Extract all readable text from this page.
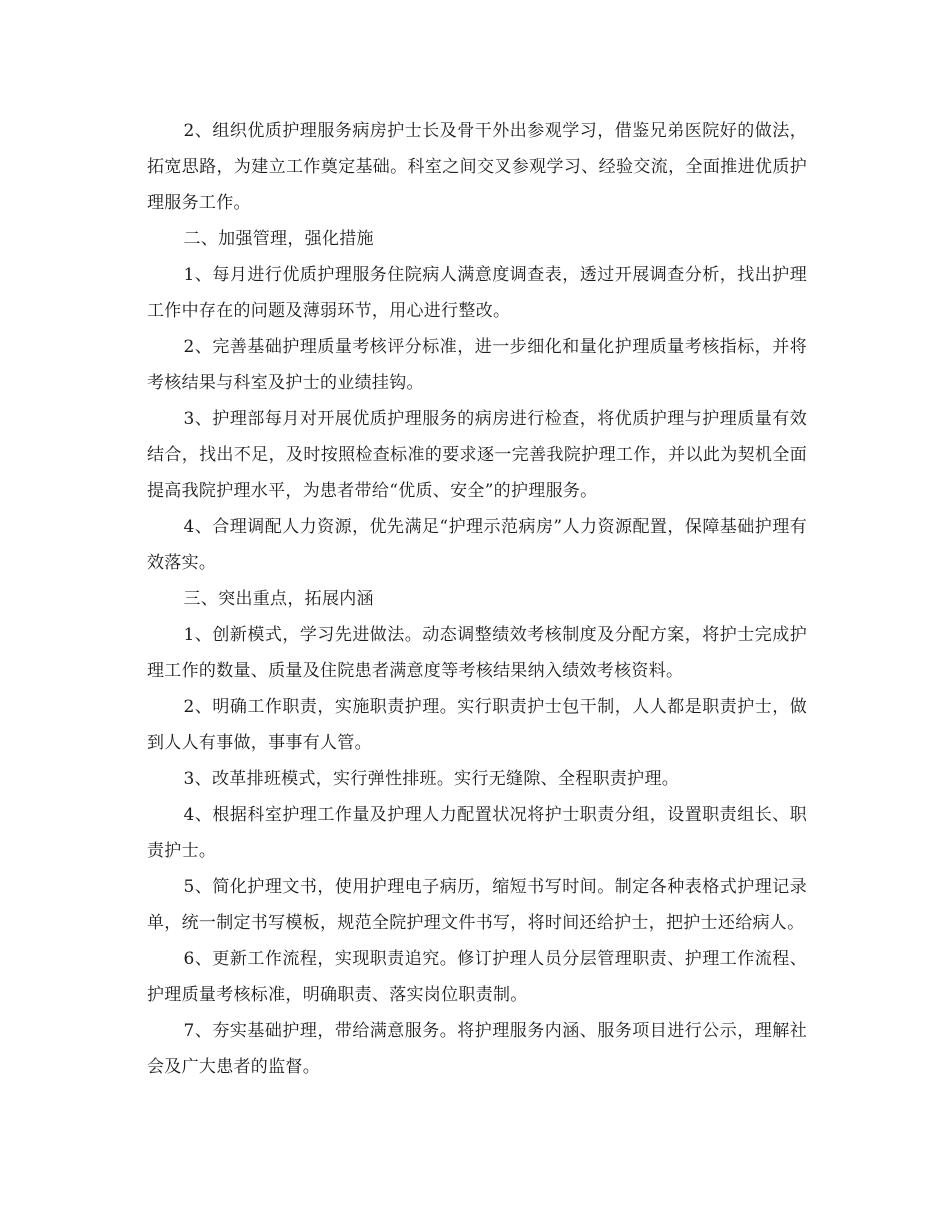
2、组织优质护理服务病房护士长及骨干外出参观学习，借鉴兄弟医院好的做法，拓宽思路，为建立工作奠定基础。科室之间交叉参观学习、经验交流，全面推进优质护理服务工作。

二、加强管理，强化措施

1、每月进行优质护理服务住院病人满意度调查表，透过开展调查分析，找出护理工作中存在的问题及薄弱环节，用心进行整改。

2、完善基础护理质量考核评分标准，进一步细化和量化护理质量考核指标，并将考核结果与科室及护士的业绩挂钩。

3、护理部每月对开展优质护理服务的病房进行检查，将优质护理与护理质量有效结合，找出不足，及时按照检查标准的要求逐一完善我院护理工作，并以此为契机全面提高我院护理水平，为患者带给“优质、安全”的护理服务。

4、合理调配人力资源，优先满足“护理示范病房”人力资源配置，保障基础护理有效落实。

三、突出重点，拓展内涵

1、创新模式，学习先进做法。动态调整绩效考核制度及分配方案，将护士完成护理工作的数量、质量及住院患者满意度等考核结果纳入绩效考核资料。

2、明确工作职责，实施职责护理。实行职责护士包干制，人人都是职责护士，做到人人有事做，事事有人管。

3、改革排班模式，实行弹性排班。实行无缝隙、全程职责护理。

4、根据科室护理工作量及护理人力配置状况将护士职责分组，设置职责组长、职责护士。

5、简化护理文书，使用护理电子病历，缩短书写时间。制定各种表格式护理记录单，统一制定书写模板，规范全院护理文件书写，将时间还给护士，把护士还给病人。

6、更新工作流程，实现职责追究。修订护理人员分层管理职责、护理工作流程、护理质量考核标准，明确职责、落实岗位职责制。

7、夯实基础护理，带给满意服务。将护理服务内涵、服务项目进行公示，理解社会及广大患者的监督。
